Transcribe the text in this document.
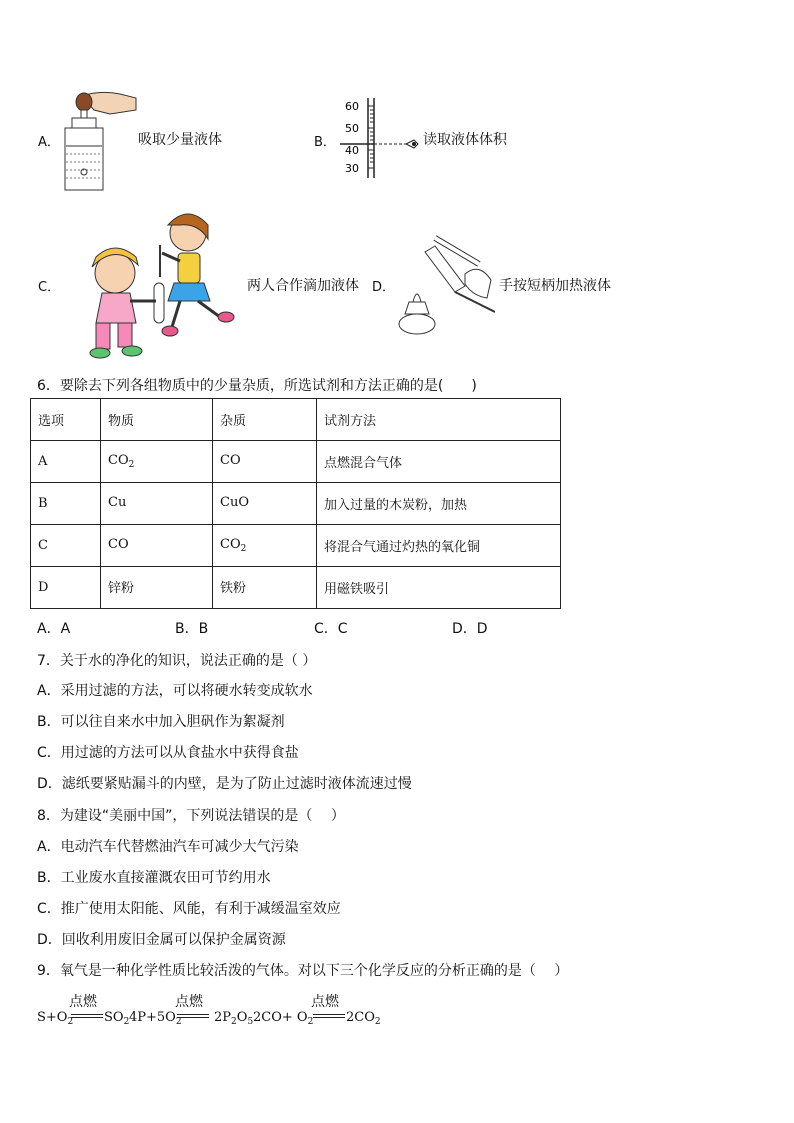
A．	吸取少量液体	B．
60
50
40
30
读取液体体积
C．	两人合作滴加液体 D．	手按短柄加热液体
6．要除去下列各组物质中的少量杂质，所选试剂和方法正确的是(　　)
选项	物质	杂质	试剂方法
A	$CO_2$	CO	点燃混合气体
B	Cu	CuO	加入过量的木炭粉，加热
C	CO	$CO_2$	将混合气通过灼热的氧化铜
D	锌粉	铁粉	用磁铁吸引
A．A	B．B	C．C	D．D
7．关于水的净化的知识，说法正确的是（ ）
A．采用过滤的方法，可以将硬水转变成软水
B．可以往自来水中加入胆矾作为絮凝剂
C．用过滤的方法可以从食盐水中获得食盐
D．滤纸要紧贴漏斗的内壁，是为了防止过滤时液体流速过慢
8．为建设“美丽中国”，下列说法错误的是（　 ）
A．电动汽车代替燃油汽车可减少大气污染
B．工业废水直接灌溉农田可节约用水
C．推广使用太阳能、风能，有利于减缓温室效应
D．回收利用废旧金属可以保护金属资源
9．氧气是一种化学性质比较活泼的气体。对以下三个化学反应的分析正确的是（　 ）
$S+O_2$
点燃
$SO_2$ $4P+5O_2$
点燃
$2P_2O_5$ $2CO+ O_2$
点燃
$2CO_2$
